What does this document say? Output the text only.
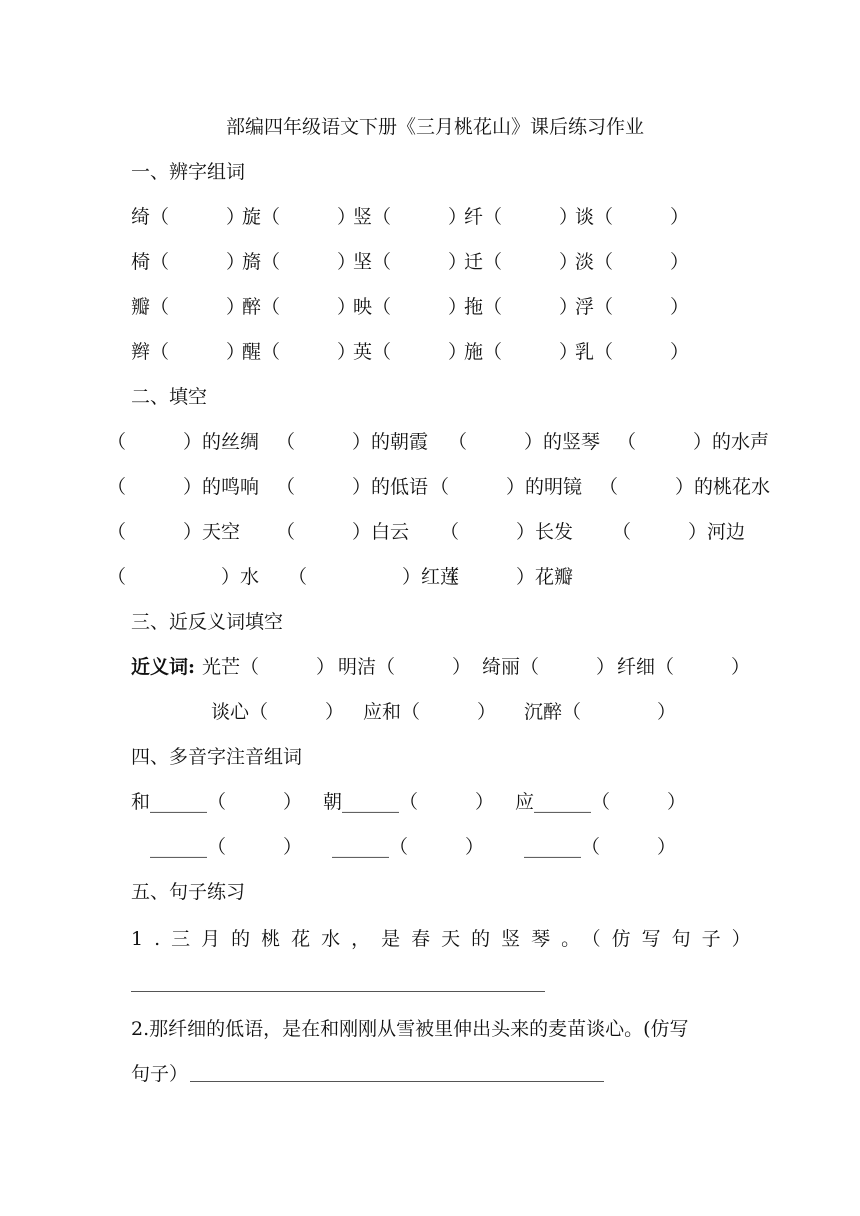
部编四年级语文下册《三月桃花山》课后练习作业
一、辨字组词
绮（　　　）
旋（　　　）
竖（　　　）
纤（　　　）
谈（　　　）
椅（　　　）
旖（　　　）
坚（　　　）
迁（　　　）
淡（　　　）
瓣（　　　）
醉（　　　）
映（　　　）
拖（　　　）
浮（　　　）
辫（　　　）
醒（　　　）
英（　　　）
施（　　　）
乳（　　　）
二、填空
（　　　）的丝绸 （　　　）的朝霞 （　　　）的竖琴 （　　　）的水声
（　　　）的鸣响 （　　　）的低语 （　　　）的明镜 （　　　）的桃花水
（　　　）天空 （　　　）白云 （　　　）长发 （　　　）河边
（　　　　　）水 （　　　　　）红莲
（　　　）花瓣
三、近反义词填空
近义词: 光芒（　　　） 明洁（　　　） 绮丽（　　　） 纤细（　　　）
谈心（　　　） 应和（　　　） 沉醉（　　　　）
四、多音字注音组词
和______（　　　） 朝______（　　　） 应______（　　　）
______（　　　） ______（　　　） ______（　　　）
五、句子练习
1.三月的桃花水，是春天的竖琴。（仿写句子）
2.那纤细的低语，是在和刚刚从雪被里伸出头来的麦苗谈心。(仿写
句子）
